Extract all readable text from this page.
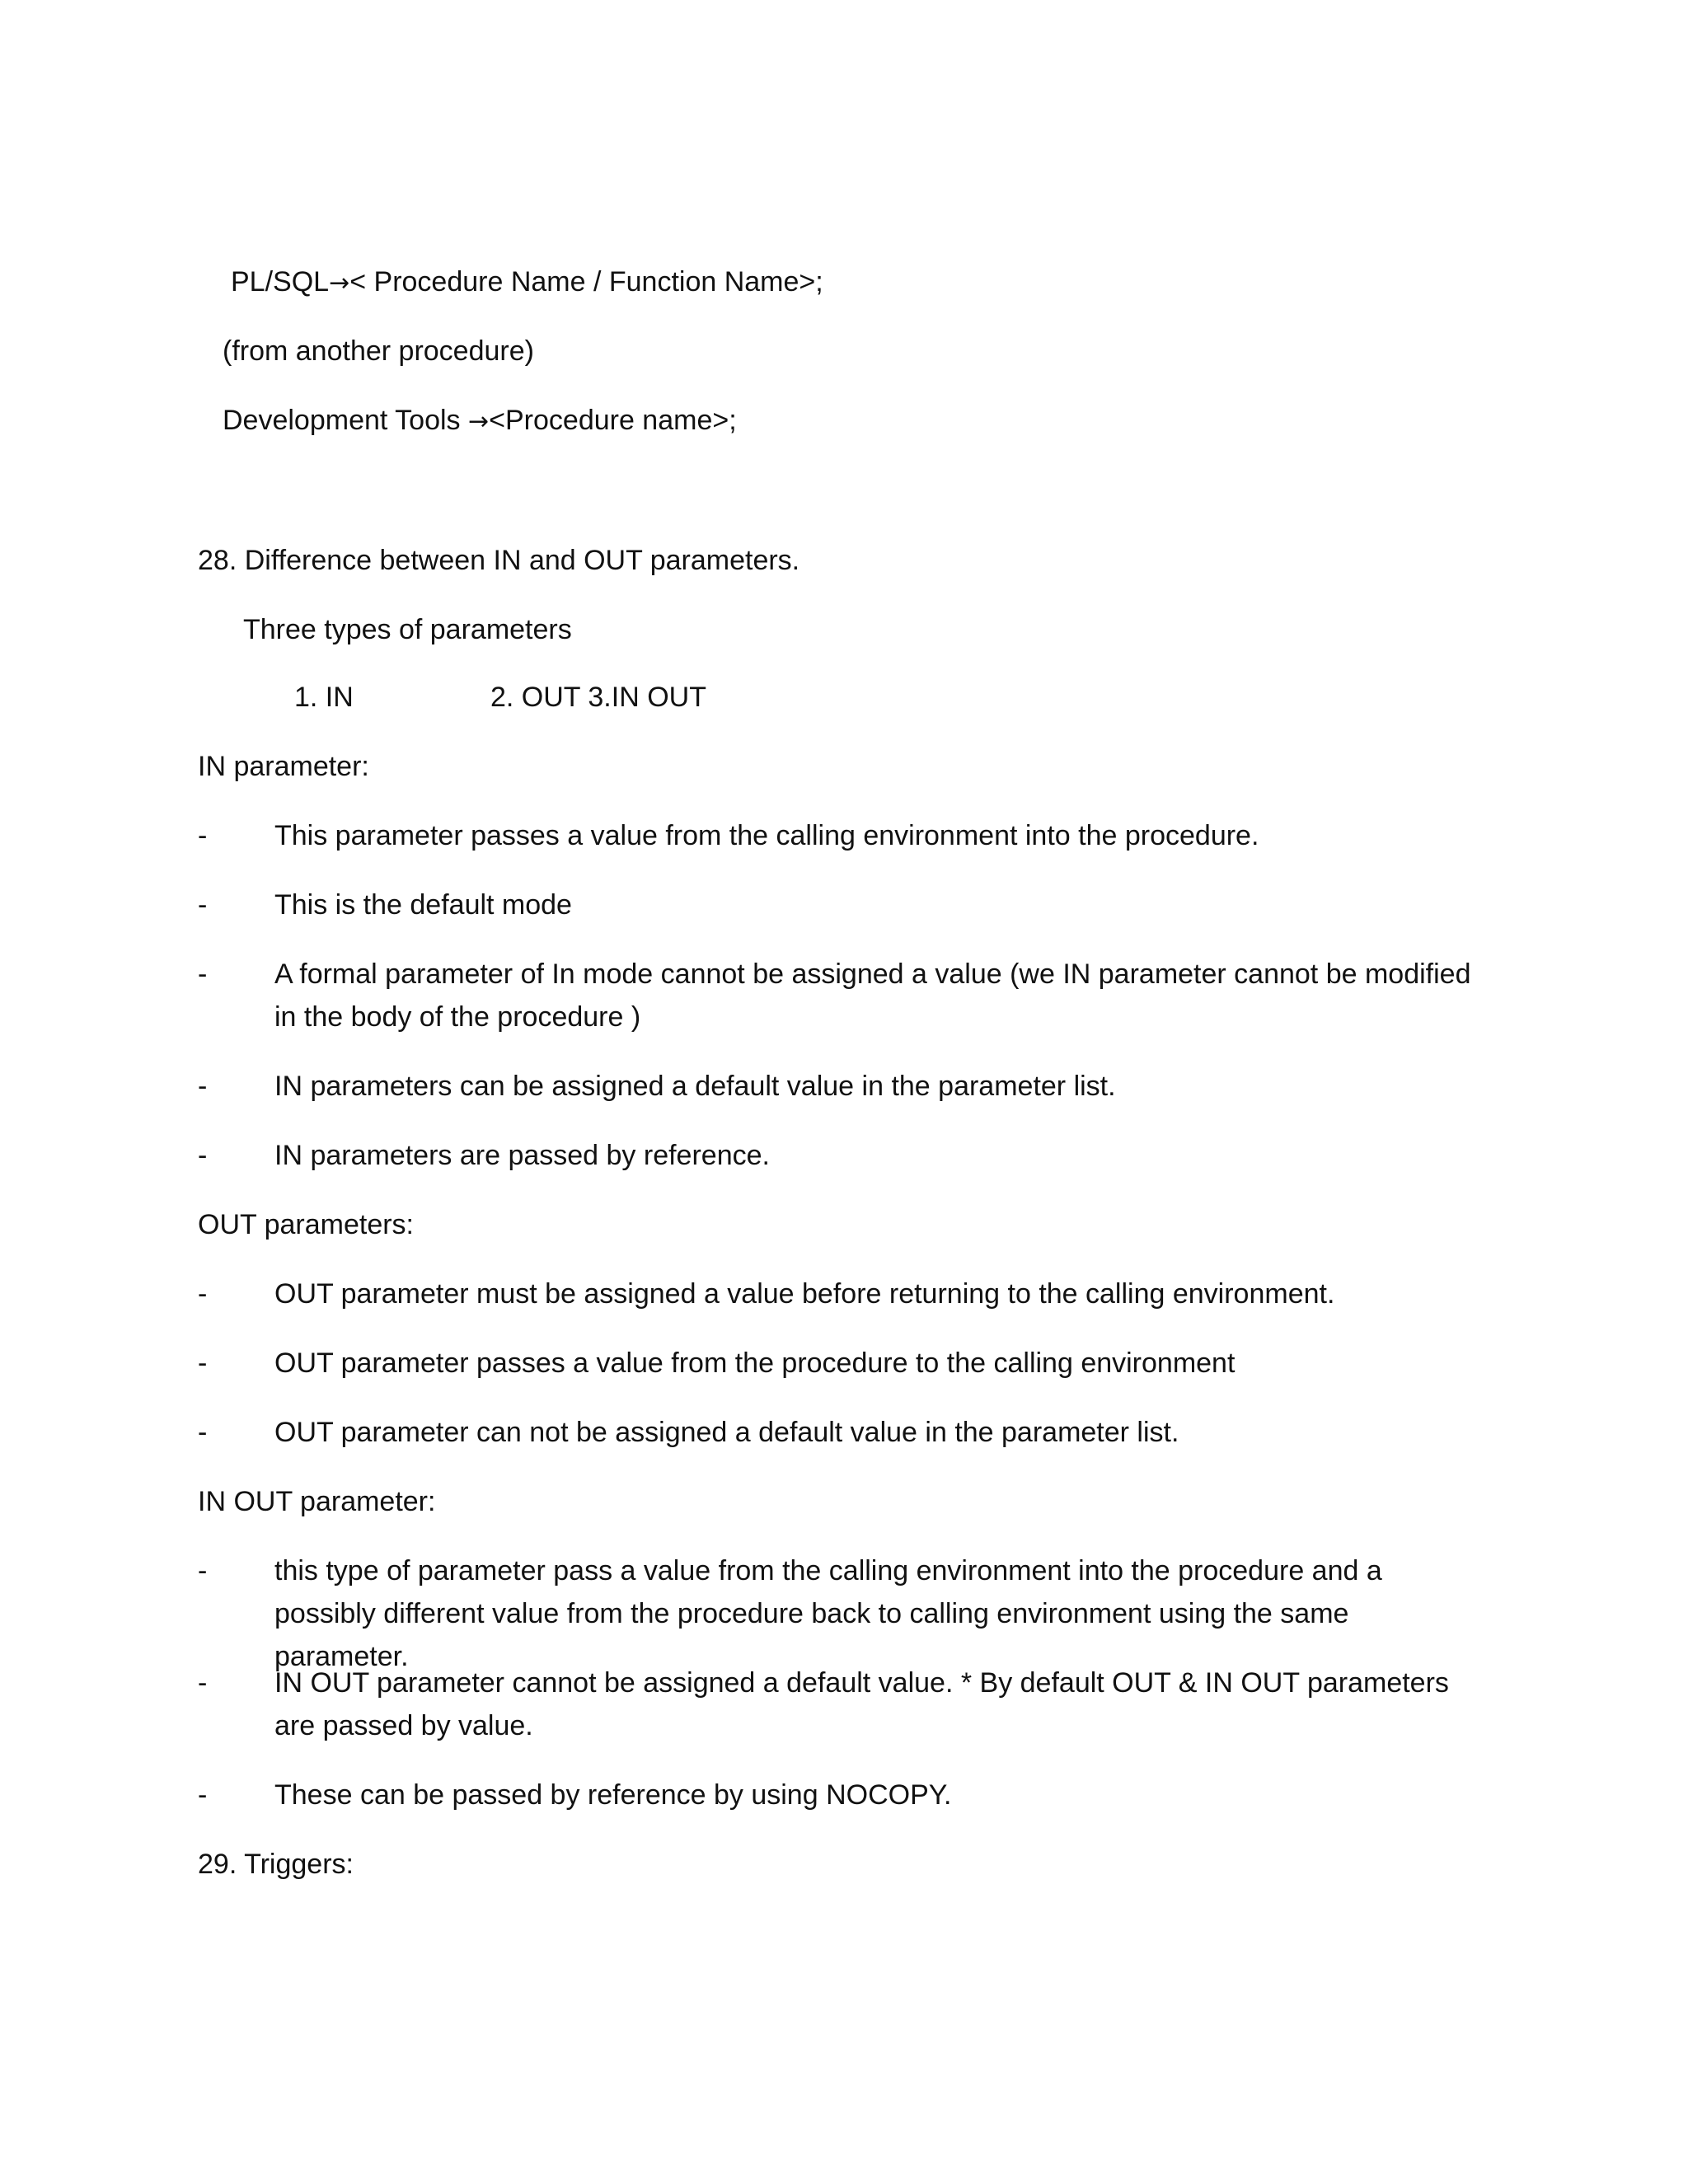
PL/SQL→< Procedure Name / Function Name>;
(from another procedure)
Development Tools →<Procedure name>;
28. Difference between IN and OUT parameters.
Three types of parameters
1. IN	2. OUT 3.IN OUT
IN parameter:
- This parameter passes a value from the calling environment into the procedure.
- This is the default mode
-	A formal parameter of In mode cannot be assigned a value (we IN parameter cannot be modified in the body of the procedure )
- IN parameters can be assigned a default value in the parameter list.
- IN parameters are passed by reference.
OUT parameters:
- OUT parameter must be assigned a value before returning to the calling environment.
- OUT parameter passes a value from the procedure to the calling environment
- OUT parameter can not be assigned a default value in the parameter list.
IN OUT parameter:
-	this type of parameter pass a value from the calling environment into the procedure and a possibly different value from the procedure back to calling environment using the same parameter.
-	IN OUT parameter cannot be assigned a default value. * By default OUT & IN OUT parameters are passed by value.
- These can be passed by reference by using NOCOPY.
29. Triggers:
